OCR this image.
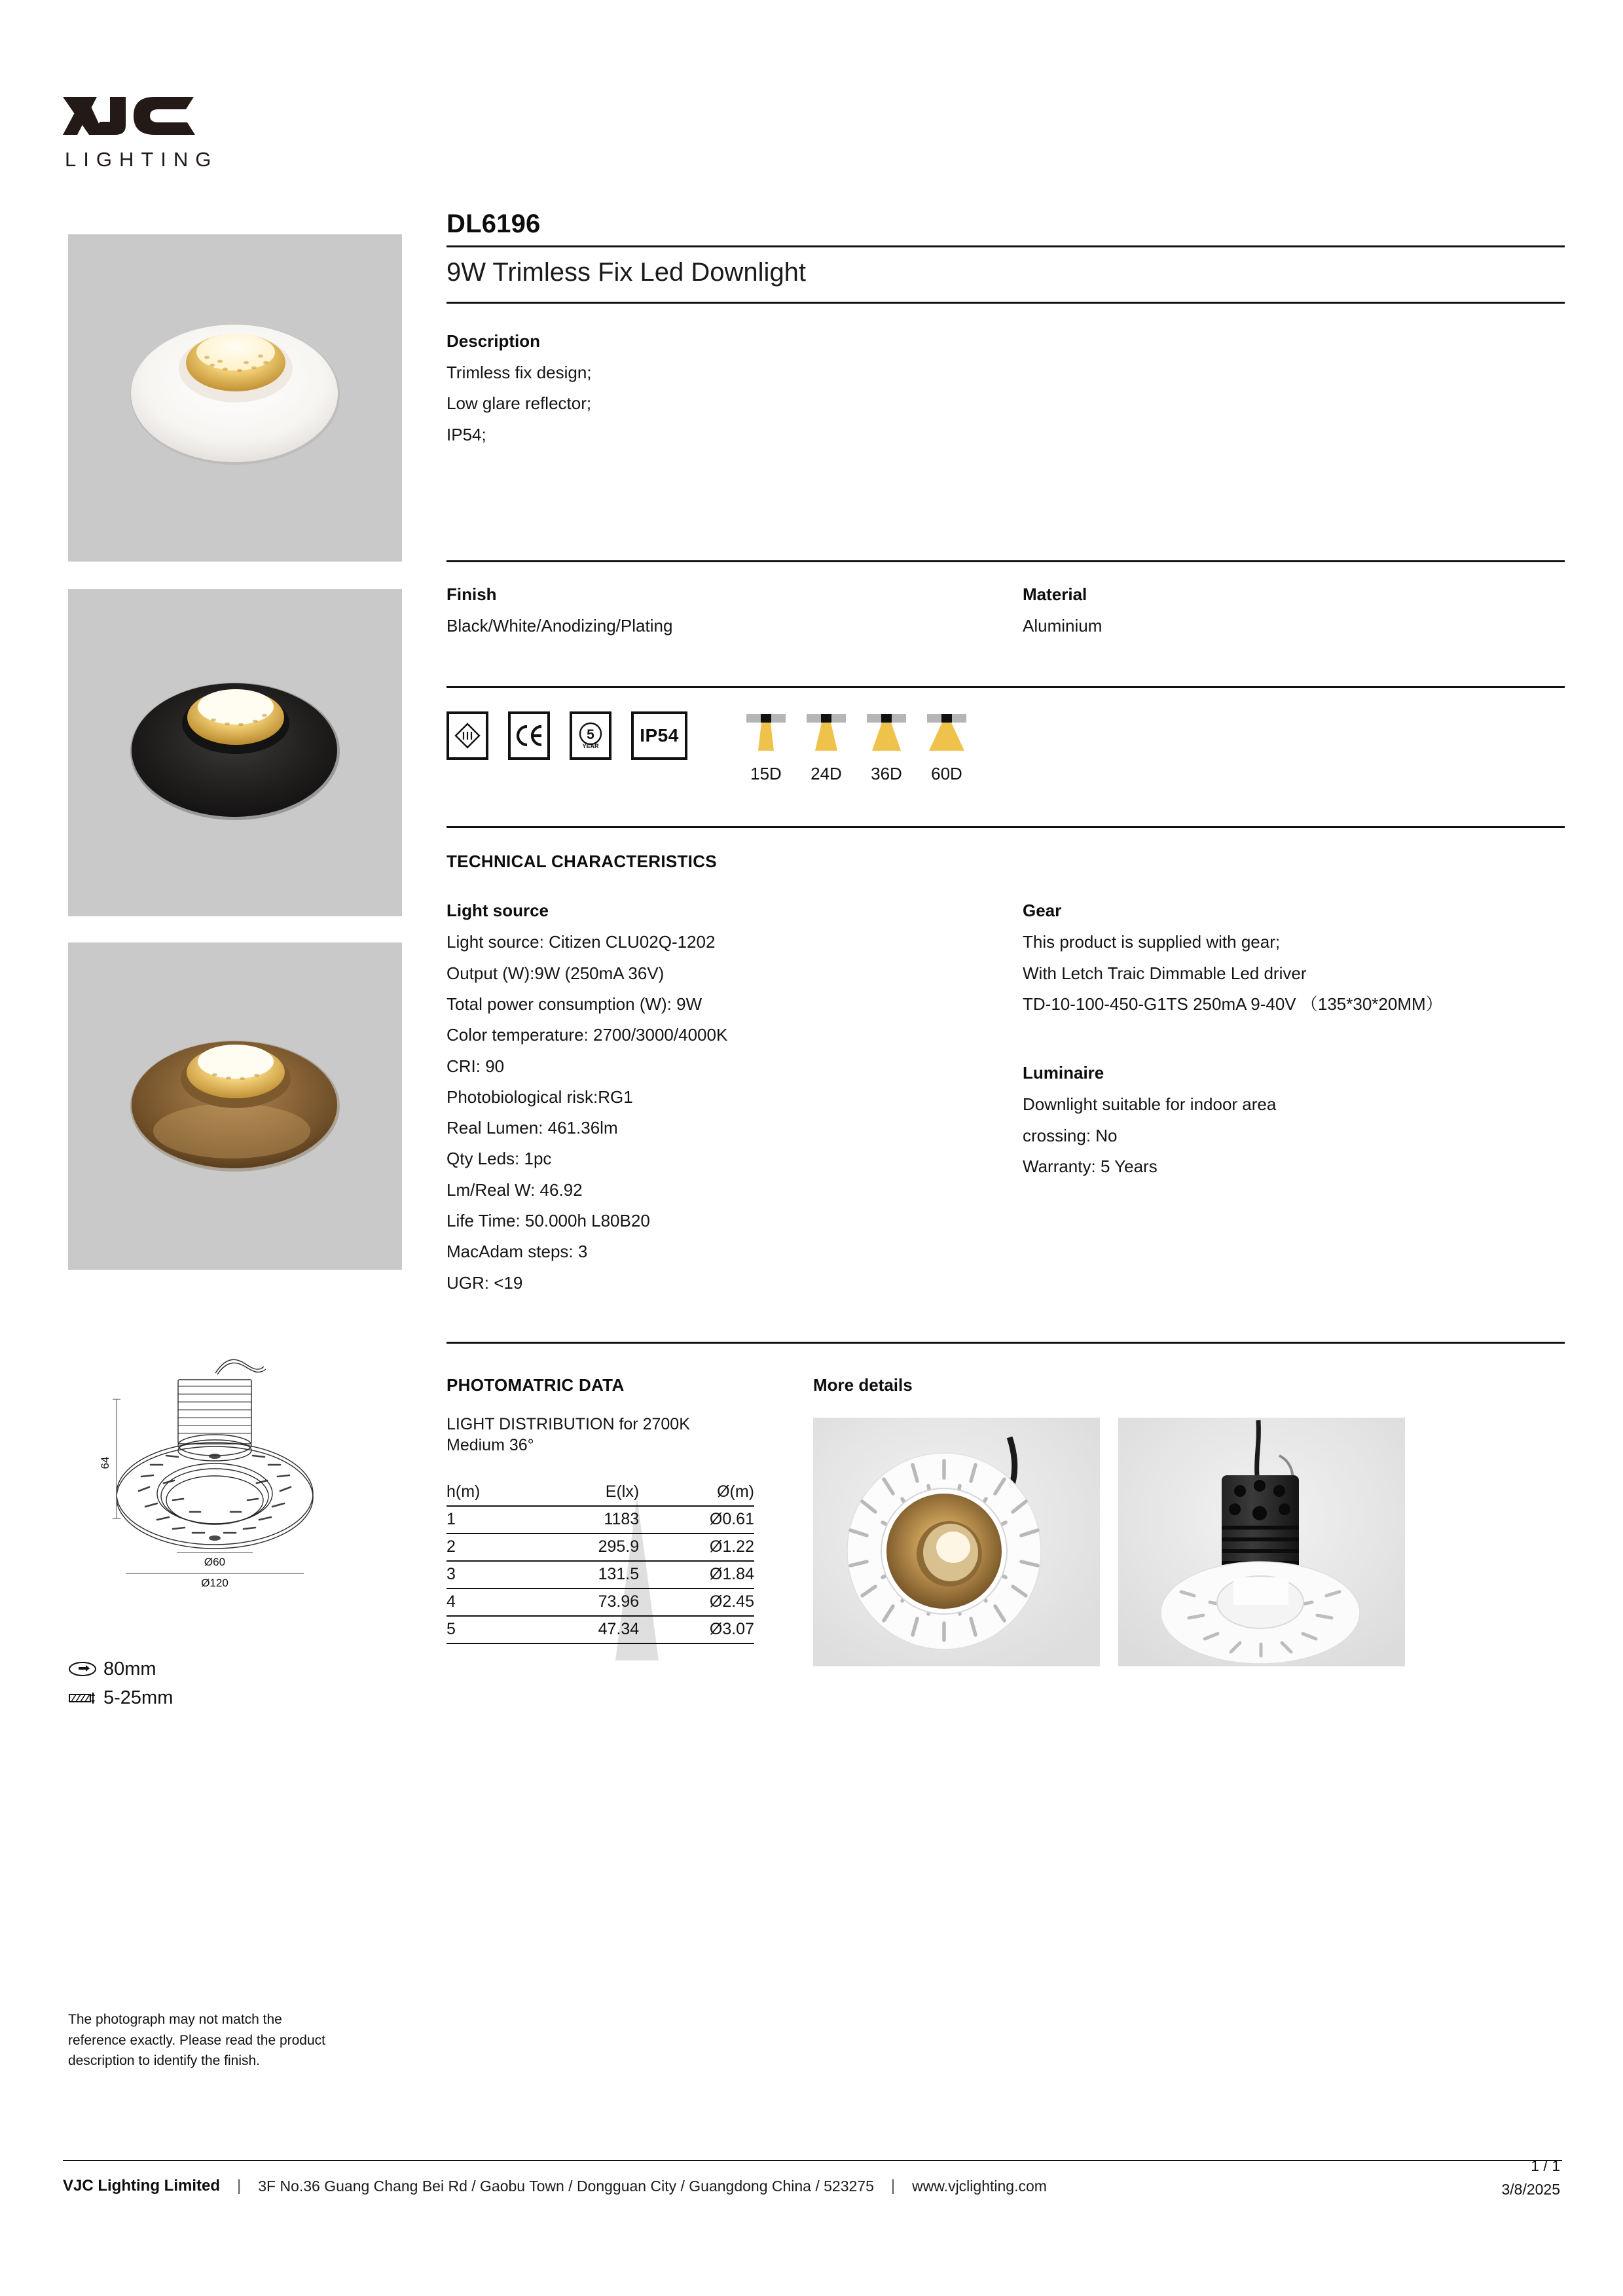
LIGHTING
64
Ø60
Ø120
80mm
5-25mm
The photograph may not match the reference exactly. Please read the product description to identify the finish.
DL6196
9W Trimless Fix Led Downlight
Description
Trimless fix design;
Low glare reflector;
IP54;
Finish
Black/White/Anodizing/Plating
Material
Aluminium
5
YEAR
IP54
15D	24D	36D	60D
TECHNICAL CHARACTERISTICS
Light source
Light source: Citizen CLU02Q-1202
Output (W):9W (250mA 36V)
Total power consumption (W): 9W
Color temperature: 2700/3000/4000K
CRI: 90
Photobiological risk:RG1
Real Lumen: 461.36lm
Qty Leds: 1pc
Lm/Real W: 46.92
Life Time: 50.000h L80B20
MacAdam steps: 3
UGR: <19
Gear
This product is supplied with gear;
With Letch Traic Dimmable Led driver
TD-10-100-450-G1TS 250mA 9-40V （135*30*20MM）
Luminaire
Downlight suitable for indoor area
crossing: No
Warranty: 5 Years
PHOTOMATRIC DATA
LIGHT DISTRIBUTION for 2700K
Medium 36°
h(m)	E(lx)	Ø(m)
1	1183	Ø0.61
2	295.9	Ø1.22
3	131.5	Ø1.84
4	73.96	Ø2.45
5	47.34	Ø3.07
More details
VJC Lighting Limited | 3F No.36 Guang Chang Bei Rd / Gaobu Town / Dongguan City / Guangdong China / 523275 | www.vjclighting.com
1 / 1
3/8/2025
